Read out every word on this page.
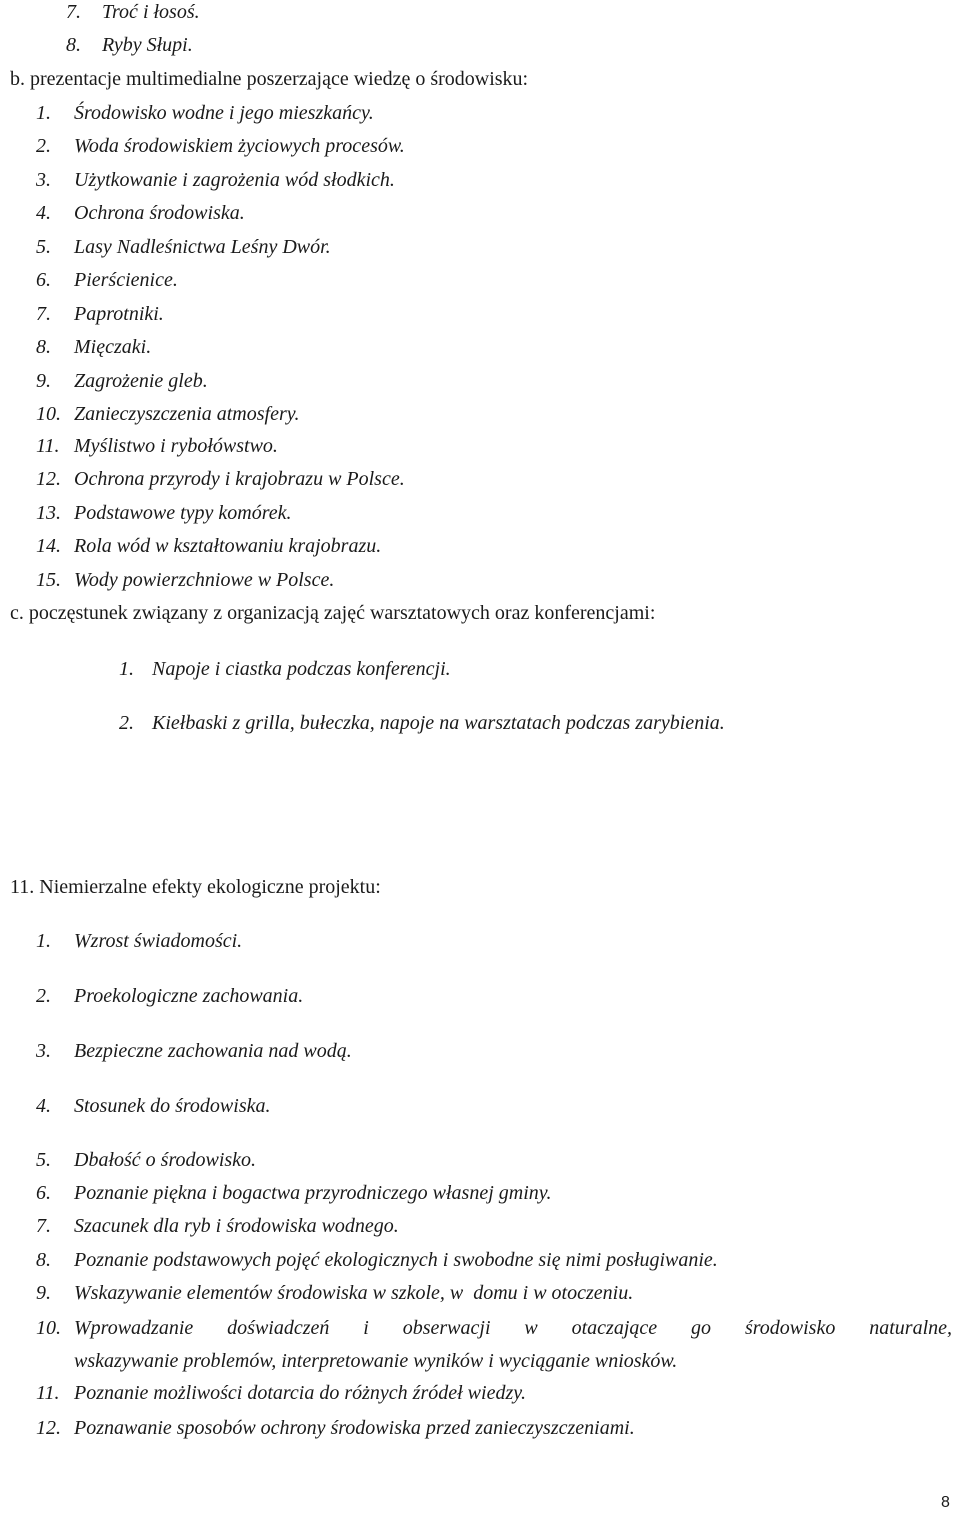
7. Troć i łosoś.
8. Ryby Słupi.
b. prezentacje multimedialne poszerzające wiedzę o środowisku:
1. Środowisko wodne i jego mieszkańcy.
2. Woda środowiskiem życiowych procesów.
3. Użytkowanie i zagrożenia wód słodkich.
4. Ochrona środowiska.
5. Lasy Nadleśnictwa Leśny Dwór.
6. Pierścienice.
7. Paprotniki.
8. Mięczaki.
9. Zagrożenie gleb.
10. Zanieczyszczenia atmosfery.
11. Myślistwo i rybołówstwo.
12. Ochrona przyrody i krajobrazu w Polsce.
13. Podstawowe typy komórek.
14. Rola wód w kształtowaniu krajobrazu.
15. Wody powierzchniowe w Polsce.
c. poczęstunek związany z organizacją zajęć warsztatowych oraz konferencjami:
1. Napoje i ciastka podczas konferencji.
2. Kiełbaski z grilla, bułeczka, napoje na warsztatach podczas zarybienia.
11. Niemierzalne efekty ekologiczne projektu:
1. Wzrost świadomości.
2. Proekologiczne zachowania.
3. Bezpieczne zachowania nad wodą.
4. Stosunek do środowiska.
5. Dbałość o środowisko.
6. Poznanie piękna i bogactwa przyrodniczego własnej gminy.
7. Szacunek dla ryb i środowiska wodnego.
8. Poznanie podstawowych pojęć ekologicznych i swobodne się nimi posługiwanie.
9. Wskazywanie elementów środowiska w szkole, w  domu i w otoczeniu.
10. Wprowadzanie doświadczeń i obserwacji w otaczające go środowisko naturalne,
wskazywanie problemów, interpretowanie wyników i wyciąganie wniosków.
11. Poznanie możliwości dotarcia do różnych źródeł wiedzy.
12. Poznawanie sposobów ochrony środowiska przed zanieczyszczeniami.
8
